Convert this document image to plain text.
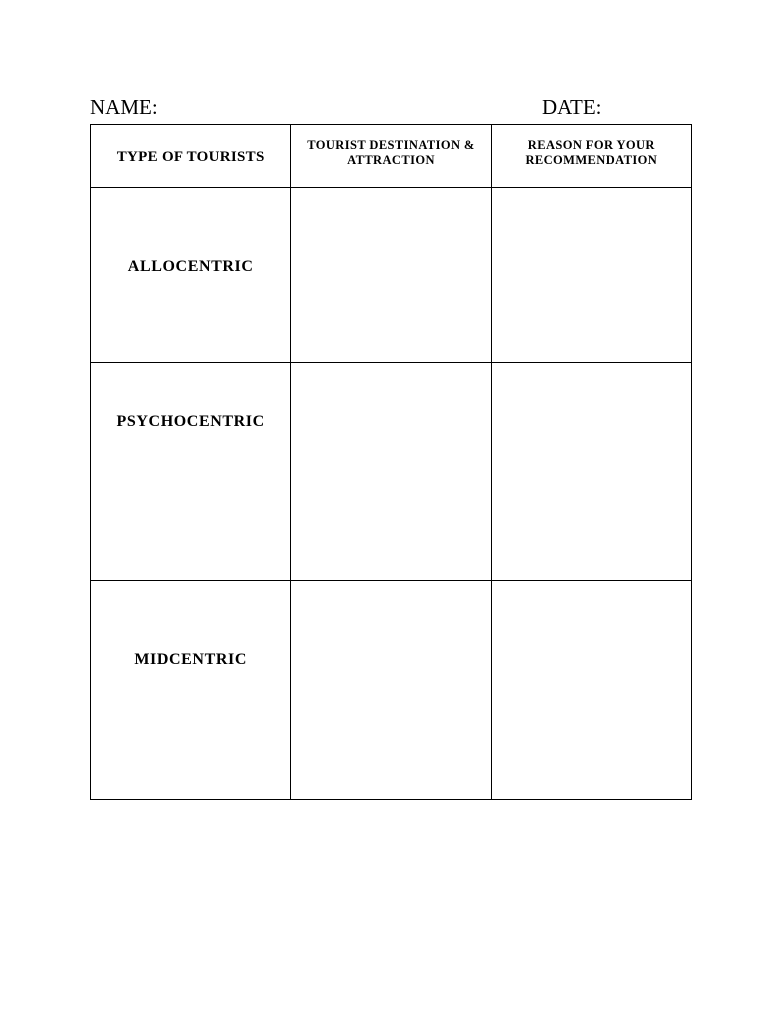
NAME:	DATE:
TYPE OF TOURISTS	TOURIST DESTINATION & ATTRACTION	REASON FOR YOUR RECOMMENDATION
ALLOCENTRIC		
PSYCHOCENTRIC		
MIDCENTRIC		
